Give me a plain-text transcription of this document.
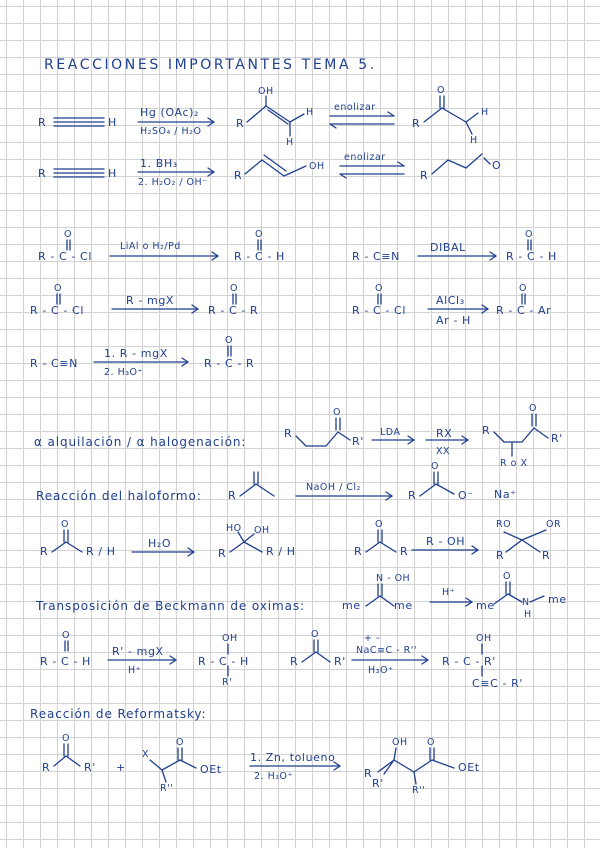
REACCIONES IMPORTANTES TEMA 5.
R	H
Hg (OAc)₂
H₂SO₄ / H₂O
R
OH
H
H
enolizar
R
O
H
H
R	H
1. BH₃
2. H₂O₂ / OH⁻
R
OH
enolizar
R
O
O
R - C - Cl
LiAl o H₂/Pd
O
R - C - H	R - C≡N
DIBAL
O
R - C - H
O
R - C - Cl
R - mgX
O
R - C - R
O
R - C - Cl
AlCl₃
Ar - H
O
R - C - Ar
R - C≡N
1. R - mgX
2. H₃O⁺
O
R - C - R
α alquilación / α halogenación:
R
O
R'
LDA	RX
XX
R
O
R'
R o X
Reacción del haloformo: R
NaOH / Cl₂
R
O
O⁻ Na⁺
R
O
R / H
H₂O
HO OH
R	R / H	R
O
R
R - OH
RO	OR
R	R
Transposición de Beckmann de oximas:
N - OH
me	me
H⁺
O
me	N
H
me
O
R - C - H
R' - mgX
H⁺
OH
R - C - H
R'
R
O
R'
+ -
NaC≡C - R''
H₃O⁺
OH
R - C - R'
C≡C - R'
Reacción de Reformatsky:
R
O
R' +
X
O
OEt
R''
1. Zn, tolueno
2. H₃O⁺
OH O
R
R'
OEt
R''
